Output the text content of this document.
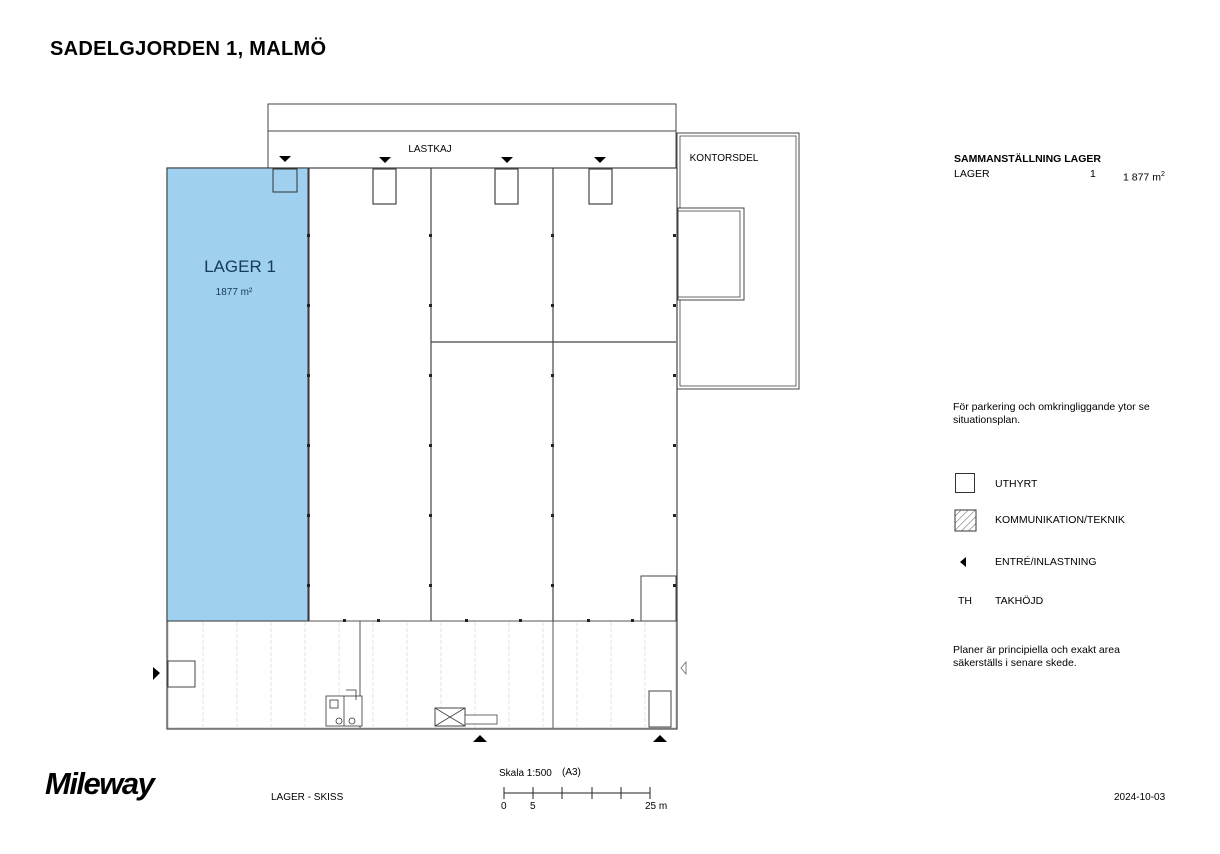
SADELGJORDEN 1, MALMÖ
LASTKAJ
KONTORSDEL
LAGER 1
1877 m²
SAMMANSTÄLLNING LAGER
LAGER	1	1 877 $m^2$
För parkering och omkringliggande ytor se situationsplan.
UTHYRT
KOMMUNIKATION/TEKNIK
ENTRÉ/INLASTNING
TH TAKHÖJD
Planer är principiella och exakt area säkerställs i senare skede.
Mileway	LAGER - SKISS
Skala 1:500 (A3)
0 5	25 m
2024-10-03
